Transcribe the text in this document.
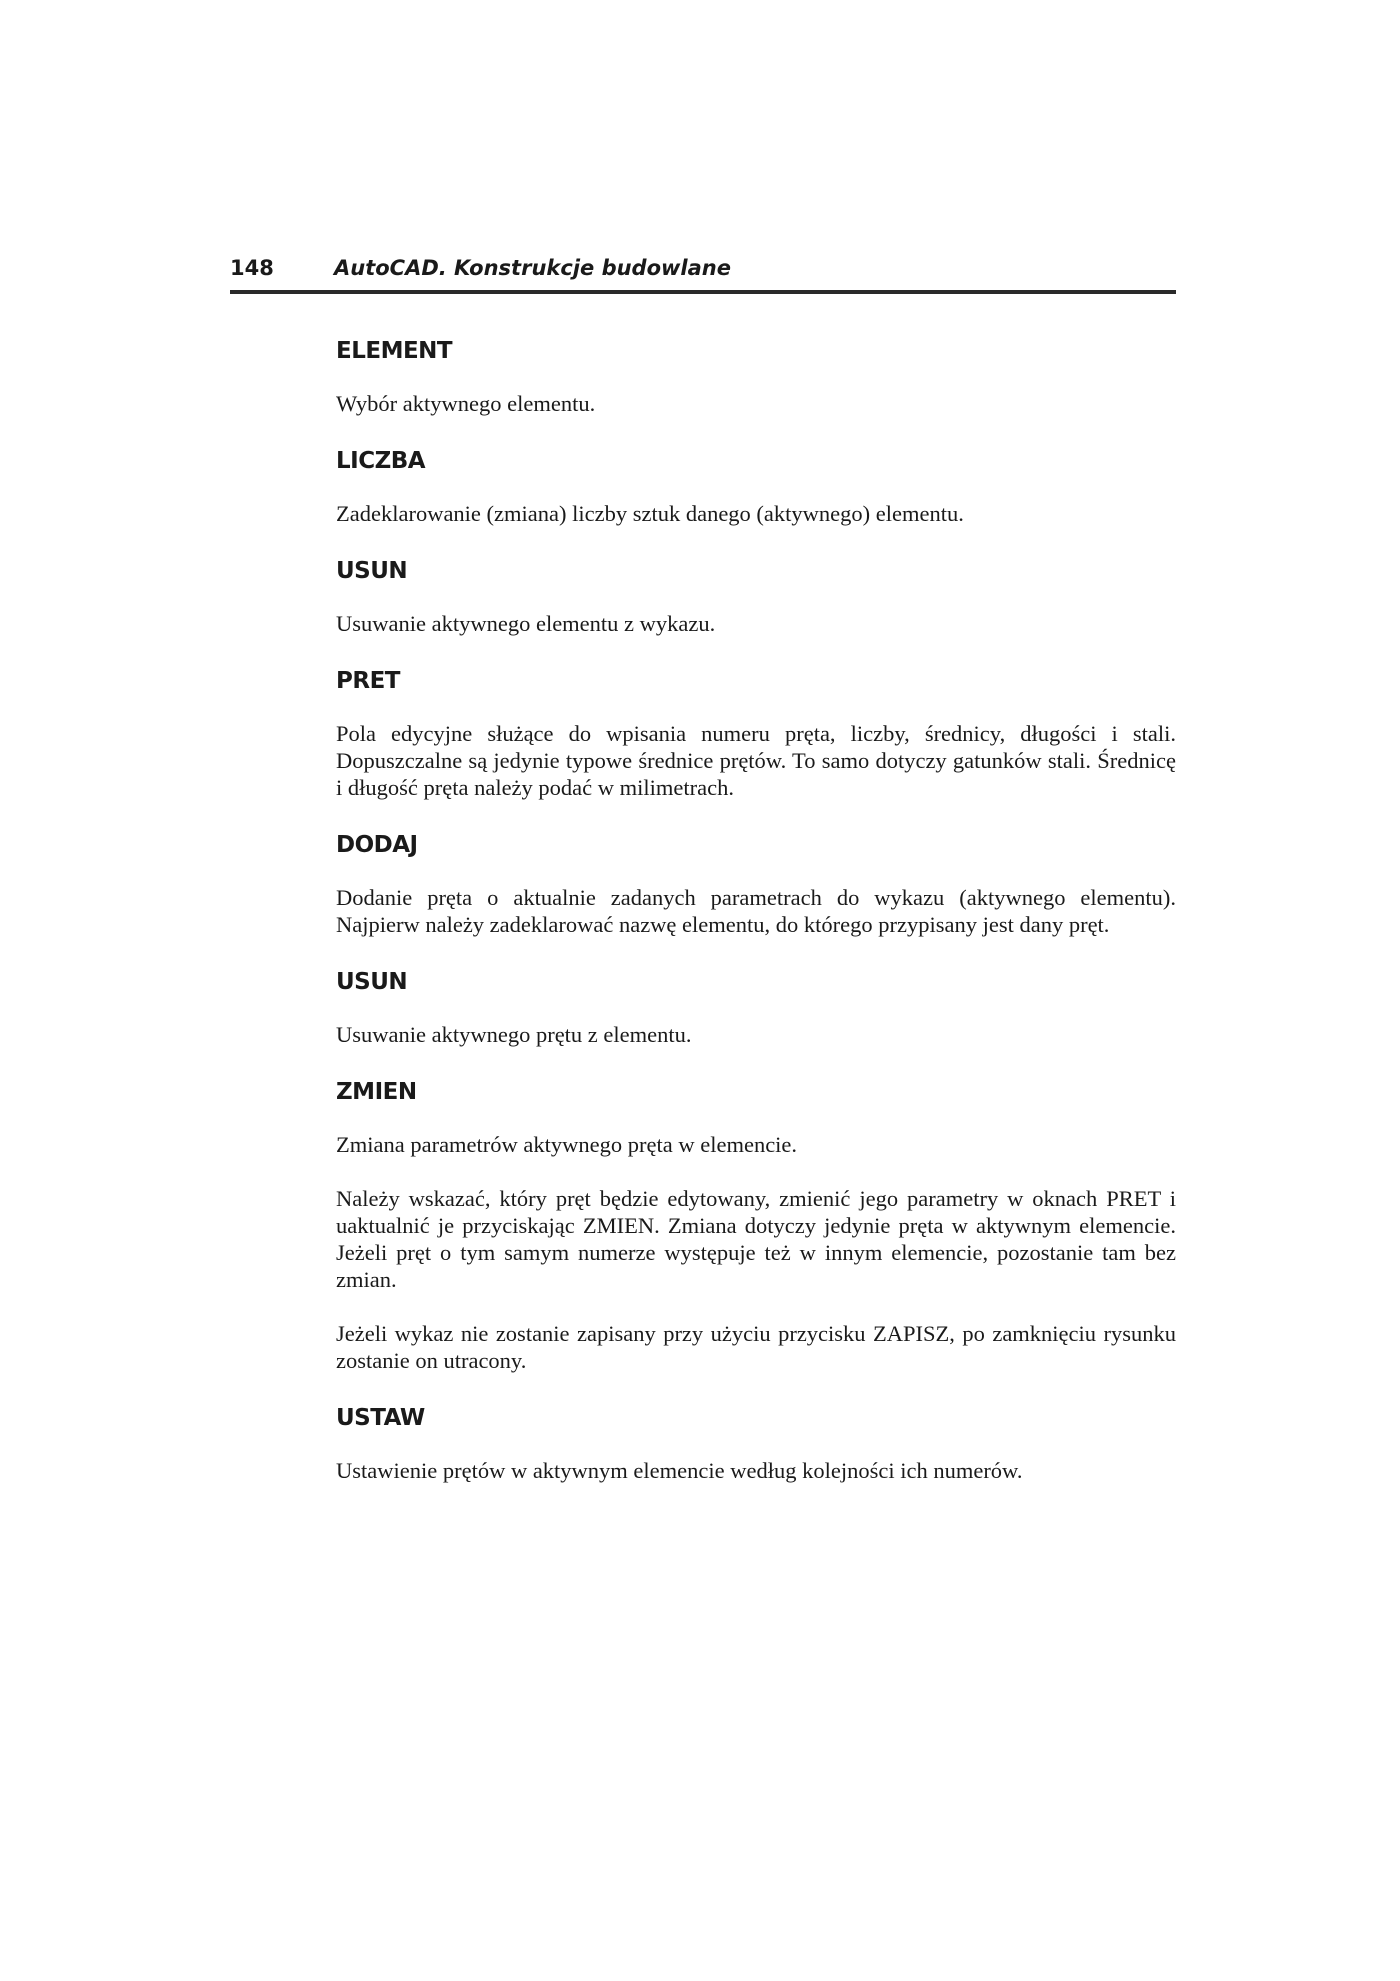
148	AutoCAD. Konstrukcje budowlane
ELEMENT

Wybór aktywnego elementu.

LICZBA

Zadeklarowanie (zmiana) liczby sztuk danego (aktywnego) elementu.

USUN

Usuwanie aktywnego elementu z wykazu.

PRET

Pola edycyjne służące do wpisania numeru pręta, liczby, średnicy, długości i stali. Dopuszczalne są jedynie typowe średnice prętów. To samo dotyczy gatunków stali. Średnicę i długość pręta należy podać w milimetrach.

DODAJ

Dodanie pręta o aktualnie zadanych parametrach do wykazu (aktywnego elementu). Najpierw należy zadeklarować nazwę elementu, do którego przypisany jest dany pręt.

USUN

Usuwanie aktywnego prętu z elementu.

ZMIEN

Zmiana parametrów aktywnego pręta w elemencie.

Należy wskazać, który pręt będzie edytowany, zmienić jego parametry w oknach PRET i uaktualnić je przyciskając ZMIEN. Zmiana dotyczy jedynie pręta w aktywnym elemencie. Jeżeli pręt o tym samym numerze występuje też w innym elemencie, pozostanie tam bez zmian.

Jeżeli wykaz nie zostanie zapisany przy użyciu przycisku ZAPISZ, po zamknięciu rysunku zostanie on utracony.

USTAW

Ustawienie prętów w aktywnym elemencie według kolejności ich numerów.
